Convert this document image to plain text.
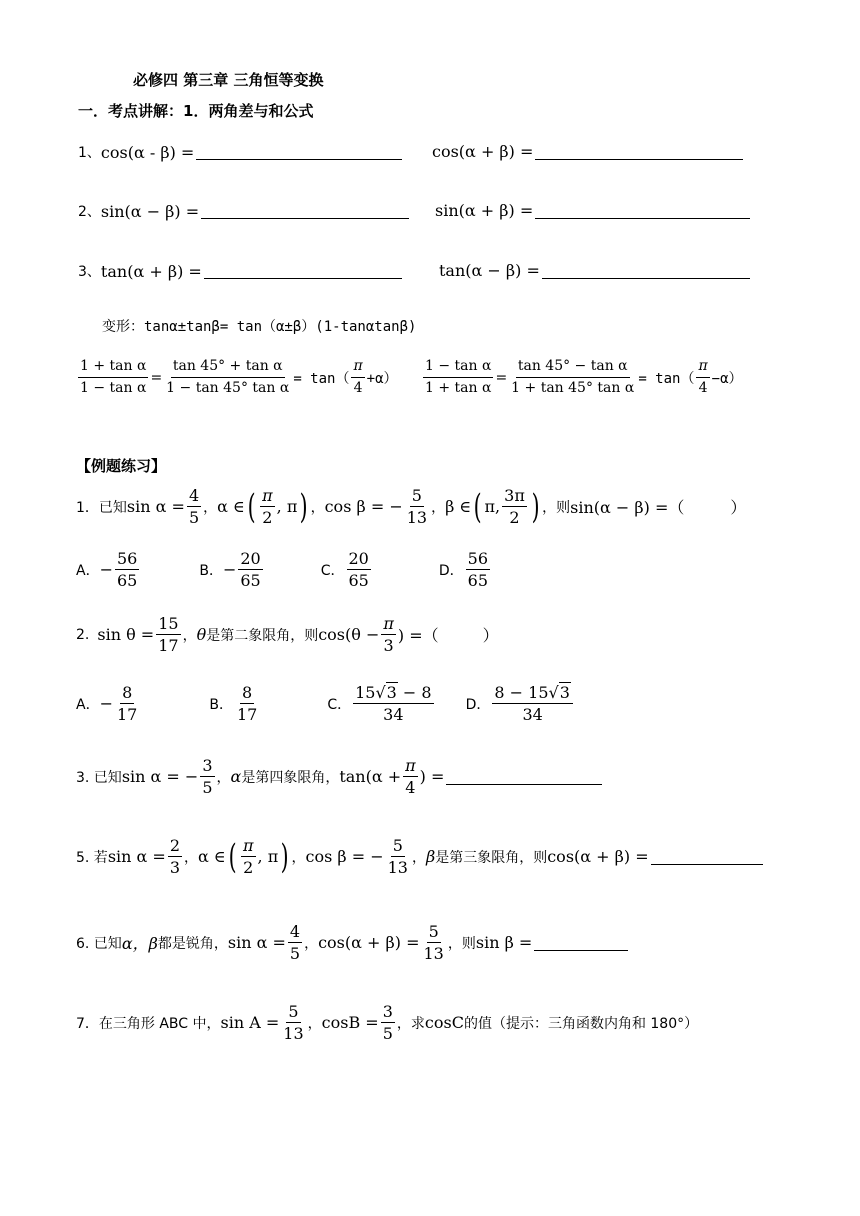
必修四 第三章 三角恒等变换
一．考点讲解：1．两角差与和公式
1、 cos(α - β) =	cos(α + β) =
2、 sin(α − β) =	sin(α + β) =
3、 tan(α + β) =	tan(α − β) =
变形： tanα±tanβ= tan（α±β）(1-tanαtanβ)
$\frac{\text{1 + tan α}}{\text{1 − tan α}} = \frac{\text{tan 45° + tan α}}{\text{1 − tan 45° tan α}} = \tan( \frac{\pi}{4} +\alpha) \frac{\text{1 − tan α}}{\text{1 + tan α}} = \frac{\text{tan 45° − tan α}}{\text{1 + tan 45° tan α}} = \tan( \frac{\pi}{4} -\alpha)$
【例题练习】
1．已知 $\sin \alpha = \frac{4}{5}$ ， α ∈ ( $\frac{\pi}{2}$ , π ) ， cos β = − $\frac{5}{13}$ ， β ∈ ( π, $\frac{3\pi}{2}$ ) ， 则 sin(α − β) =（	）
A． − $\frac{56}{65}$	B． − $\frac{20}{65}$	C． $\frac{20}{65}$	D． $\frac{56}{65}$
2. $\sin \theta = \frac{15}{17}$ ， θ 是第二象限角，则 $\cos(\theta - \frac{\pi}{3}$ ) =（	）
A． − $\frac{8}{17}$	B． $\frac{8}{17}$	C． $\frac{15√3 - 8}{34}$ D． $\frac{8 - 15√3}{34}$
3. 已知 sin α = − $\frac{3}{5}$ ， α 是第四象限角， $\tan(\alpha + \frac{\pi}{4}$ ) =
5. 若 $\sin \alpha = \frac{2}{3}$ ， α ∈ ( $\frac{\pi}{2}$ , π ) ， cos β = − $\frac{5}{13}$ ， β 是第三象限角，则 cos(α + β) =
6. 已知 α，β 都是锐角， $\sin \alpha = \frac{4}{5}$ ， $\cos(\alpha + \beta) = \frac{5}{13}$ ，则 sin β =
7．在三角形 ABC 中， $\sin A = \frac{5}{13}$ ， $\cos B = \frac{3}{5}$ ，求 cosC 的值（提示：三角函数内角和 180°）
